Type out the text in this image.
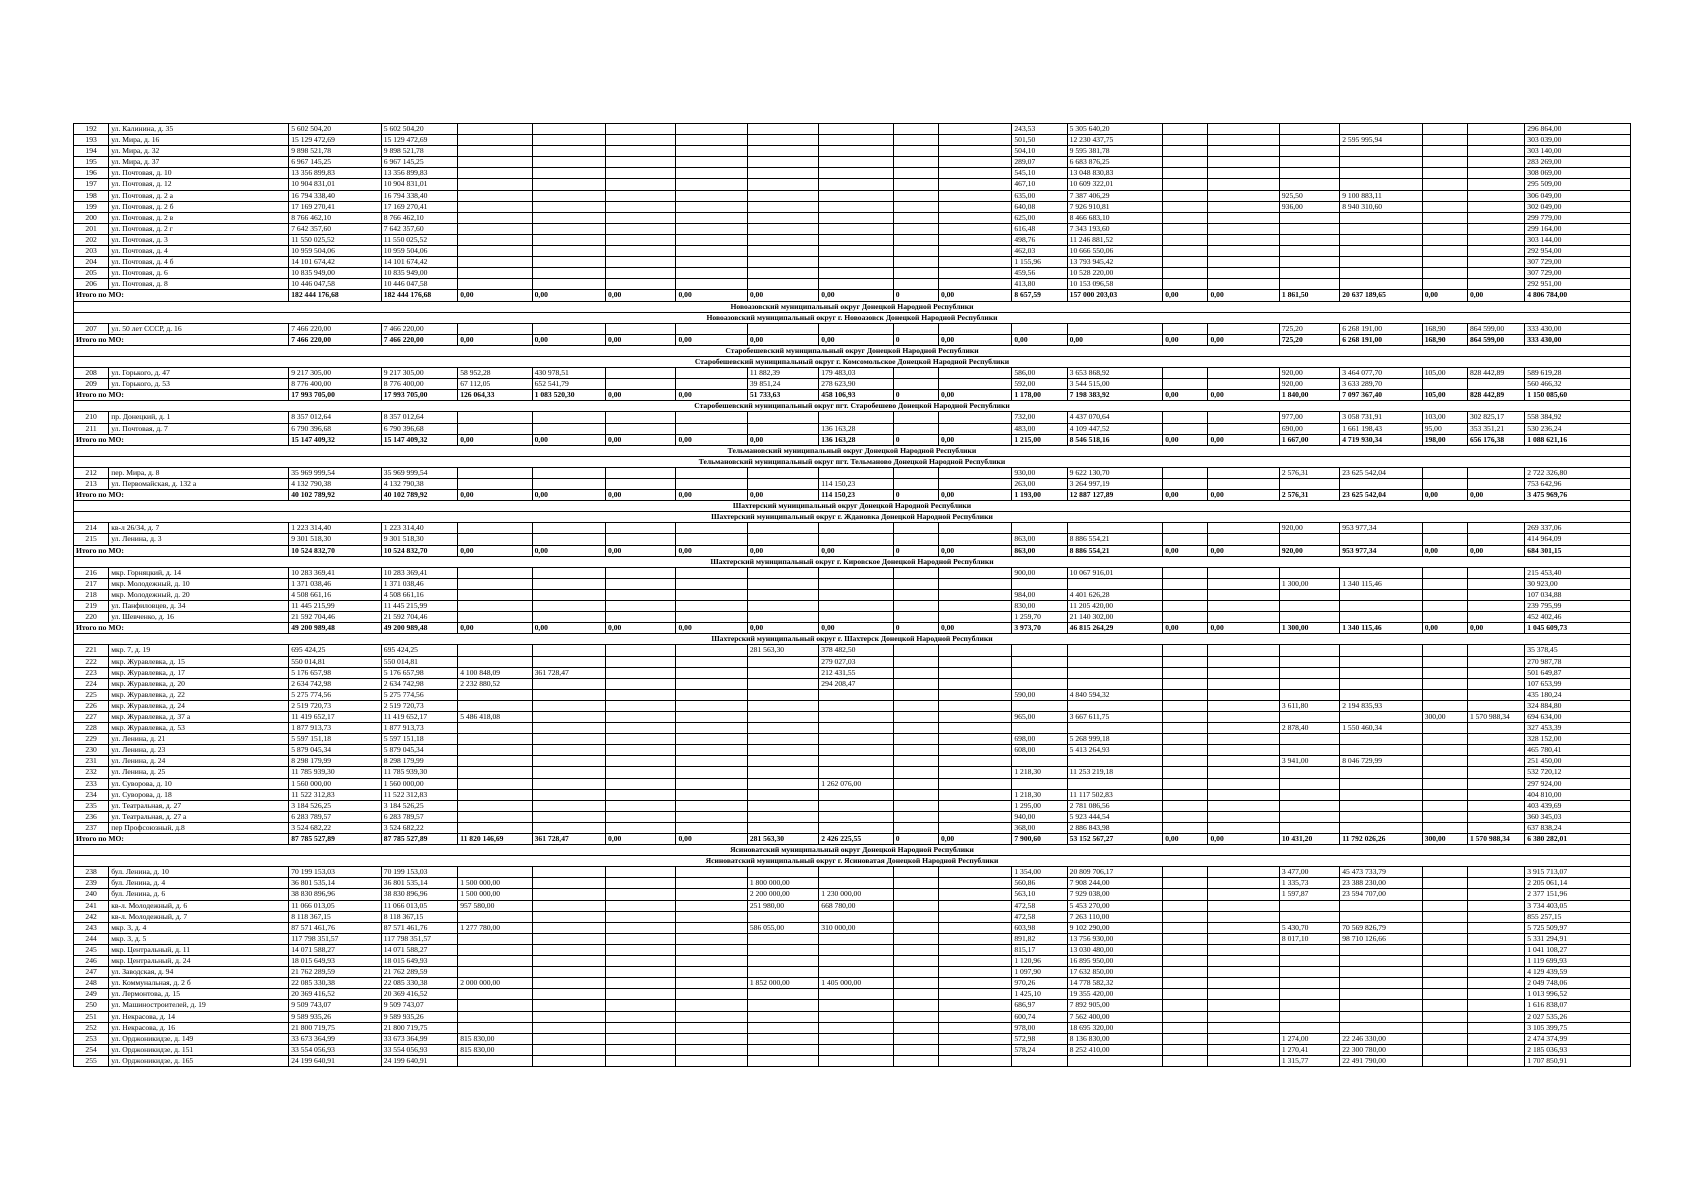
192	ул. Калинина, д. 35	5 602 504,20	5 602 504,20									243,53	5 305 640,20							296 864,00
193	ул. Мира, д. 16	15 129 472,69	15 129 472,69									501,50	12 230 437,75				2 595 995,94			303 039,00
194	ул. Мира, д. 32	9 898 521,78	9 898 521,78									504,10	9 595 381,78							303 140,00
195	ул. Мира, д. 37	6 967 145,25	6 967 145,25									289,07	6 683 876,25							283 269,00
196	ул. Почтовая, д. 10	13 356 899,83	13 356 899,83									545,10	13 048 830,83							308 069,00
197	ул. Почтовая, д. 12	10 904 831,01	10 904 831,01									467,10	10 609 322,01							295 509,00
198	ул. Почтовая, д. 2 а	16 794 338,40	16 794 338,40									635,00	7 387 406,29			925,50	9 100 883,11			306 049,00
199	ул. Почтовая, д. 2 б	17 169 270,41	17 169 270,41									640,08	7 926 910,81			936,00	8 940 310,60			302 049,00
200	ул. Почтовая, д. 2 в	8 766 462,10	8 766 462,10									625,00	8 466 683,10							299 779,00
201	ул. Почтовая, д. 2 г	7 642 357,60	7 642 357,60									616,48	7 343 193,60							299 164,00
202	ул. Почтовая, д. 3	11 550 025,52	11 550 025,52									498,76	11 246 881,52							303 144,00
203	ул. Почтовая, д. 4	10 959 504,06	10 959 504,06									462,03	10 666 550,06							292 954,00
204	ул. Почтовая, д. 4 б	14 101 674,42	14 101 674,42									1 155,96	13 793 945,42							307 729,00
205	ул. Почтовая, д. 6	10 835 949,00	10 835 949,00									459,56	10 528 220,00							307 729,00
206	ул. Почтовая, д. 8	10 446 047,58	10 446 047,58									413,80	10 153 096,58							292 951,00
Итого по МО:		182 444 176,68	182 444 176,68	0,00	0,00	0,00	0,00	0,00	0,00	0	0,00	8 657,59	157 000 203,03	0,00	0,00	1 861,50	20 637 189,65	0,00	0,00	4 806 784,00
Новоазовский муниципальный округ Донецкой Народной Республики																				
Новоазовский муниципальный округ г. Новоазовск Донецкой Народной Республики																				
207	ул. 50 лет СССР, д. 16	7 466 220,00	7 466 220,00													725,20	6 268 191,00	168,90	864 599,00	333 430,00
Итого по МО:		7 466 220,00	7 466 220,00	0,00	0,00	0,00	0,00	0,00	0,00	0	0,00	0,00	0,00	0,00	0,00	725,20	6 268 191,00	168,90	864 599,00	333 430,00
Старобешевский муниципальный округ Донецкой Народной Республики																				
Старобешевский муниципальный округ г. Комсомольское Донецкой Народной Республики																				
208	ул. Горького, д. 47	9 217 305,00	9 217 305,00	58 952,28	430 978,51			11 882,39	179 483,03			586,00	3 653 868,92			920,00	3 464 077,70	105,00	828 442,89	589 619,28
209	ул. Горького, д. 53	8 776 400,00	8 776 400,00	67 112,05	652 541,79			39 851,24	278 623,90			592,00	3 544 515,00			920,00	3 633 289,70			560 466,32
Итого по МО:		17 993 705,00	17 993 705,00	126 064,33	1 083 520,30	0,00	0,00	51 733,63	458 106,93	0	0,00	1 178,00	7 198 383,92	0,00	0,00	1 840,00	7 097 367,40	105,00	828 442,89	1 150 085,60
Старобешевский муниципальный округ пгт. Старобешево Донецкой Народной Республики																				
210	пр. Донецкий, д. 1	8 357 012,64	8 357 012,64									732,00	4 437 070,64			977,00	3 058 731,91	103,00	302 825,17	558 384,92
211	ул. Почтовая, д. 7	6 790 396,68	6 790 396,68						136 163,28			483,00	4 109 447,52			690,00	1 661 198,43	95,00	353 351,21	530 236,24
Итого по МО:		15 147 409,32	15 147 409,32	0,00	0,00	0,00	0,00	0,00	136 163,28	0	0,00	1 215,00	8 546 518,16	0,00	0,00	1 667,00	4 719 930,34	198,00	656 176,38	1 088 621,16
Тельмановский муниципальный округ Донецкой Народной Республики																				
Тельмановский муниципальный округ пгт. Тельманово Донецкой Народной Республики																				
212	пер. Мира, д. 8	35 969 999,54	35 969 999,54									930,00	9 622 130,70			2 576,31	23 625 542,04			2 722 326,80
213	ул. Первомайская, д. 132 а	4 132 790,38	4 132 790,38						114 150,23			263,00	3 264 997,19							753 642,96
Итого по МО:		40 102 789,92	40 102 789,92	0,00	0,00	0,00	0,00	0,00	114 150,23	0	0,00	1 193,00	12 887 127,89	0,00	0,00	2 576,31	23 625 542,04	0,00	0,00	3 475 969,76
Шахтерский муниципальный округ Донецкой Народной Республики																				
Шахтерский муниципальный округ г. Ждановка Донецкой Народной Республики																				
214	кв-л 26/34, д. 7	1 223 314,40	1 223 314,40													920,00	953 977,34			269 337,06
215	ул. Ленина, д. 3	9 301 518,30	9 301 518,30									863,00	8 886 554,21							414 964,09
Итого по МО:		10 524 832,70	10 524 832,70	0,00	0,00	0,00	0,00	0,00	0,00	0	0,00	863,00	8 886 554,21	0,00	0,00	920,00	953 977,34	0,00	0,00	684 301,15
Шахтерский муниципальный округ г. Кировское Донецкой Народной Республики																				
216	мкр. Горняцкий, д. 14	10 283 369,41	10 283 369,41									900,00	10 067 916,01							215 453,40
217	мкр. Молодежный, д. 10	1 371 038,46	1 371 038,46													1 300,00	1 340 115,46			30 923,00
218	мкр. Молодежный, д. 20	4 508 661,16	4 508 661,16									984,00	4 401 626,28							107 034,88
219	ул. Панфиловцев, д. 34	11 445 215,99	11 445 215,99									830,00	11 205 420,00							239 795,99
220	ул. Шевченко, д. 16	21 592 704,46	21 592 704,46									1 259,70	21 140 302,00							452 402,46
Итого по МО:		49 200 989,48	49 200 989,48	0,00	0,00	0,00	0,00	0,00	0,00	0	0,00	3 973,70	46 815 264,29	0,00	0,00	1 300,00	1 340 115,46	0,00	0,00	1 045 609,73
Шахтерский муниципальный округ г. Шахтерск Донецкой Народной Республики																				
221	мкр. 7, д. 19	695 424,25	695 424,25					281 563,30	378 482,50											35 378,45
222	мкр. Журавлевка, д. 15	550 014,81	550 014,81						279 027,03											270 987,78
223	мкр. Журавлевка, д. 17	5 176 657,98	5 176 657,98	4 100 848,09	361 728,47				212 431,55											501 649,87
224	мкр. Журавлевка, д. 20	2 634 742,98	2 634 742,98	2 232 880,52					294 208,47											107 653,99
225	мкр. Журавлевка, д. 22	5 275 774,56	5 275 774,56									590,00	4 840 594,32							435 180,24
226	мкр. Журавлевка, д. 24	2 519 720,73	2 519 720,73													3 611,80	2 194 835,93			324 884,80
227	мкр. Журавлевка, д. 37 а	11 419 652,17	11 419 652,17	5 486 418,08								965,00	3 667 611,75					300,00	1 570 988,34	694 634,00
228	мкр. Журавлевка, д. 53	1 877 913,73	1 877 913,73													2 878,40	1 550 460,34			327 453,39
229	ул. Ленина, д. 21	5 597 151,18	5 597 151,18									698,00	5 268 999,18							328 152,00
230	ул. Ленина, д. 23	5 879 045,34	5 879 045,34									608,00	5 413 264,93							465 780,41
231	ул. Ленина, д. 24	8 298 179,99	8 298 179,99													3 941,00	8 046 729,99			251 450,00
232	ул. Ленина, д. 25	11 785 939,30	11 785 939,30									1 218,30	11 253 219,18							532 720,12
233	ул. Суворова, д. 10	1 560 000,00	1 560 000,00						1 262 076,00											297 924,00
234	ул. Суворова, д. 18	11 522 312,83	11 522 312,83									1 218,30	11 117 502,83							404 810,00
235	ул. Театральная, д. 27	3 184 526,25	3 184 526,25									1 295,00	2 781 086,56							403 439,69
236	ул. Театральная, д. 27 а	6 283 789,57	6 283 789,57									940,00	5 923 444,54							360 345,03
237	пер Профсоюзный, д.8	3 524 682,22	3 524 682,22									368,00	2 886 843,98							637 838,24
Итого по МО:		87 785 527,89	87 785 527,89	11 820 146,69	361 728,47	0,00	0,00	281 563,30	2 426 225,55	0	0,00	7 900,60	53 152 567,27	0,00	0,00	10 431,20	11 792 026,26	300,00	1 570 988,34	6 380 282,01
Ясиноватский муниципальный округ Донецкой Народной Республики																				
Ясиноватский муниципальный округ г. Ясиноватая Донецкой Народной Республики																				
238	бул. Ленина, д. 10	70 199 153,03	70 199 153,03									1 354,00	20 809 706,17			3 477,00	45 473 733,79			3 915 713,07
239	бул. Ленина, д. 4	36 801 535,14	36 801 535,14	1 500 000,00				1 800 000,00				560,86	7 908 244,00			1 335,73	23 388 230,00			2 205 061,14
240	бул. Ленина, д. 6	38 830 896,96	38 830 896,96	1 500 000,00				2 200 000,00	1 230 000,00			563,10	7 929 038,00			1 597,87	23 594 707,00			2 377 151,96
241	кв-л. Молодежный, д. 6	11 066 013,05	11 066 013,05	957 580,00				251 980,00	668 780,00			472,58	5 453 270,00							3 734 403,05
242	кв-л. Молодежный, д. 7	8 118 367,15	8 118 367,15									472,58	7 263 110,00							855 257,15
243	мкр. 3, д. 4	87 571 461,76	87 571 461,76	1 277 780,00				586 055,00	310 000,00			603,98	9 102 290,00			5 430,70	70 569 826,79			5 725 509,97
244	мкр. 3, д. 5	117 798 351,57	117 798 351,57									891,82	13 756 930,00			8 017,10	98 710 126,66			5 331 294,91
245	мкр. Центральный, д. 11	14 071 588,27	14 071 588,27									815,17	13 030 480,00							1 041 108,27
246	мкр. Центральный, д. 24	18 015 649,93	18 015 649,93									1 120,96	16 895 950,00							1 119 699,93
247	ул. Заводская, д. 94	21 762 289,59	21 762 289,59									1 097,90	17 632 850,00							4 129 439,59
248	ул. Коммунальная, д. 2 б	22 085 330,38	22 085 330,38	2 000 000,00				1 852 000,00	1 405 000,00			970,26	14 778 582,32							2 049 748,06
249	ул. Лермонтова, д. 15	20 369 416,52	20 369 416,52									1 425,10	19 355 420,00							1 013 996,52
250	ул. Машиностроителей, д. 19	9 509 743,07	9 509 743,07									686,97	7 892 905,00							1 616 838,07
251	ул. Некрасова, д. 14	9 589 935,26	9 589 935,26									600,74	7 562 400,00							2 027 535,26
252	ул. Некрасова, д. 16	21 800 719,75	21 800 719,75									978,00	18 695 320,00							3 105 399,75
253	ул. Орджоникидзе, д. 149	33 673 364,99	33 673 364,99	815 830,00								572,98	8 136 830,00			1 274,00	22 246 330,00			2 474 374,99
254	ул. Орджоникидзе, д. 151	33 554 056,93	33 554 056,93	815 830,00								578,24	8 252 410,00			1 270,41	22 300 780,00			2 185 036,93
255	ул. Орджоникидзе, д. 165	24 199 640,91	24 199 640,91													1 315,77	22 491 790,00			1 707 850,91
